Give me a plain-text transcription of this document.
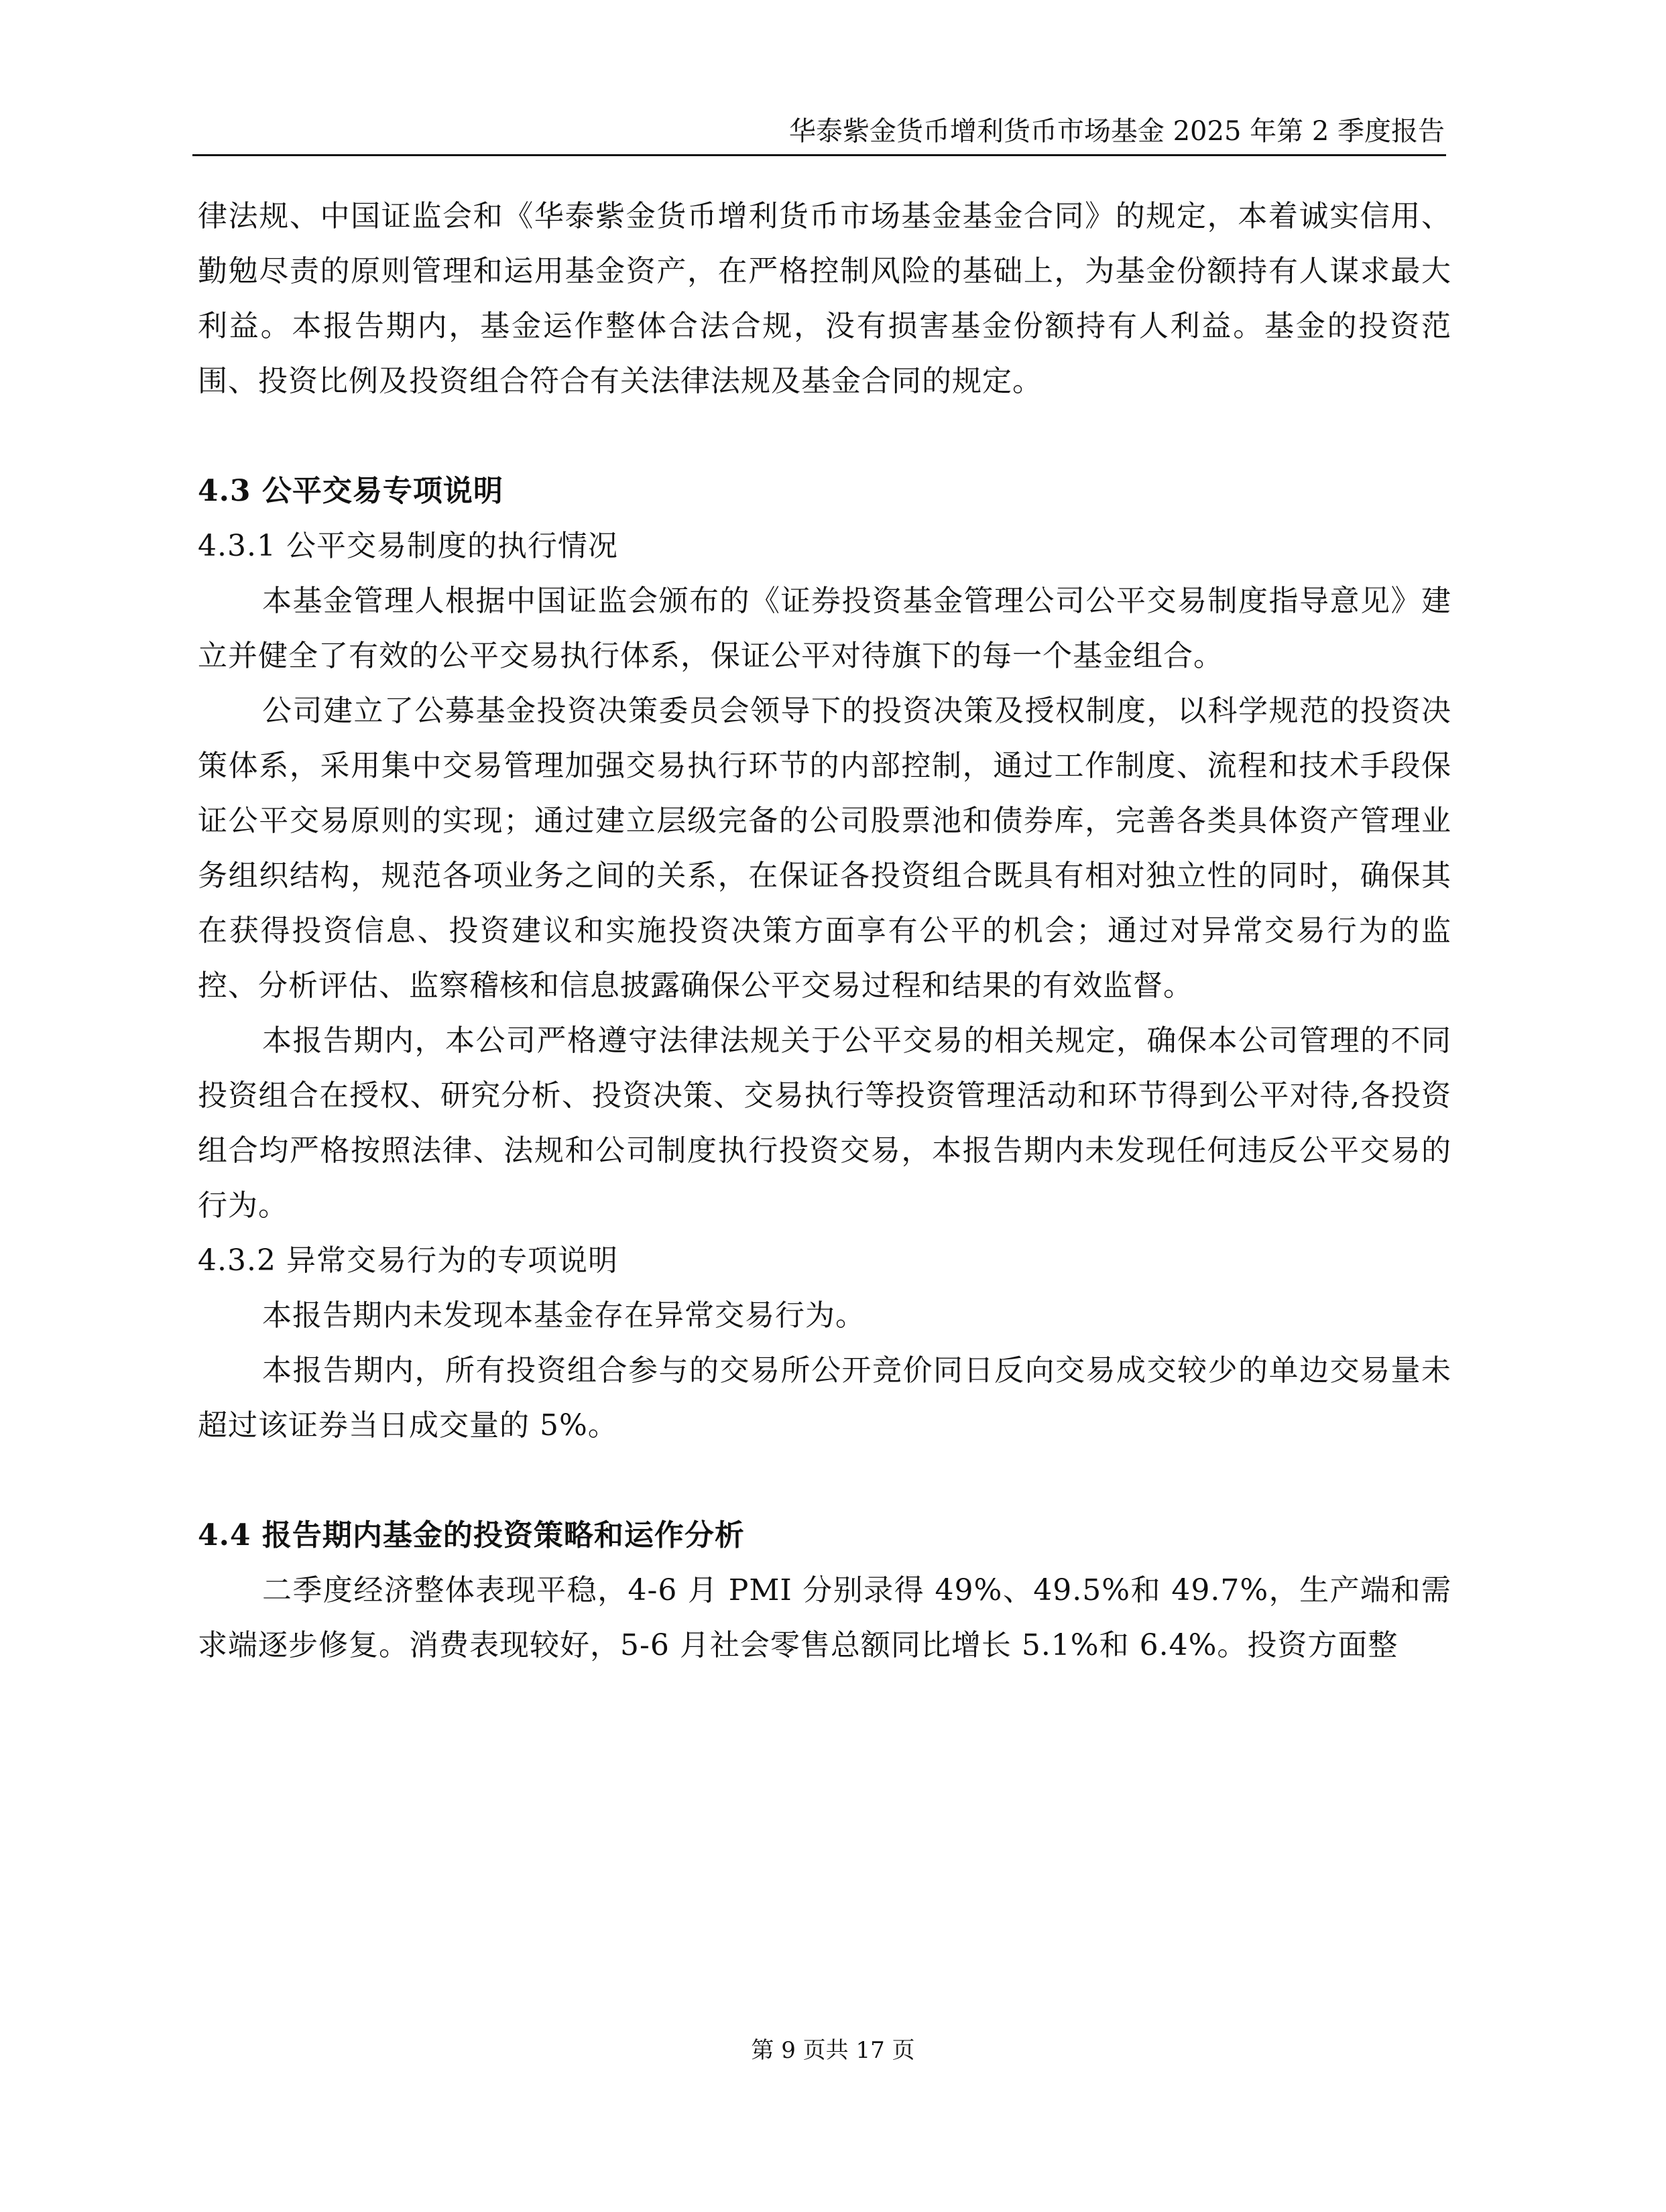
华泰紫金货币增利货币市场基金 2025 年第 2 季度报告

律法规、中国证监会和《华泰紫金货币增利货币市场基金基金合同》的规定，本着诚实信用、勤勉尽责的原则管理和运用基金资产，在严格控制风险的基础上，为基金份额持有人谋求最大利益。本报告期内，基金运作整体合法合规，没有损害基金份额持有人利益。基金的投资范围、投资比例及投资组合符合有关法律法规及基金合同的规定。

4.3 公平交易专项说明

4.3.1 公平交易制度的执行情况

本基金管理人根据中国证监会颁布的《证券投资基金管理公司公平交易制度指导意见》建立并健全了有效的公平交易执行体系，保证公平对待旗下的每一个基金组合。

公司建立了公募基金投资决策委员会领导下的投资决策及授权制度，以科学规范的投资决策体系，采用集中交易管理加强交易执行环节的内部控制，通过工作制度、流程和技术手段保证公平交易原则的实现；通过建立层级完备的公司股票池和债券库，完善各类具体资产管理业务组织结构，规范各项业务之间的关系，在保证各投资组合既具有相对独立性的同时，确保其在获得投资信息、投资建议和实施投资决策方面享有公平的机会；通过对异常交易行为的监控、分析评估、监察稽核和信息披露确保公平交易过程和结果的有效监督。

本报告期内，本公司严格遵守法律法规关于公平交易的相关规定，确保本公司管理的不同投资组合在授权、研究分析、投资决策、交易执行等投资管理活动和环节得到公平对待,各投资组合均严格按照法律、法规和公司制度执行投资交易，本报告期内未发现任何违反公平交易的行为。

4.3.2 异常交易行为的专项说明

本报告期内未发现本基金存在异常交易行为。

本报告期内，所有投资组合参与的交易所公开竞价同日反向交易成交较少的单边交易量未超过该证券当日成交量的 5%。

4.4 报告期内基金的投资策略和运作分析

二季度经济整体表现平稳，4-6 月 PMI 分别录得 49%、49.5%和 49.7%，生产端和需求端逐步修复。消费表现较好，5-6 月社会零售总额同比增长 5.1%和 6.4%。投资方面整

第 9 页共 17 页
